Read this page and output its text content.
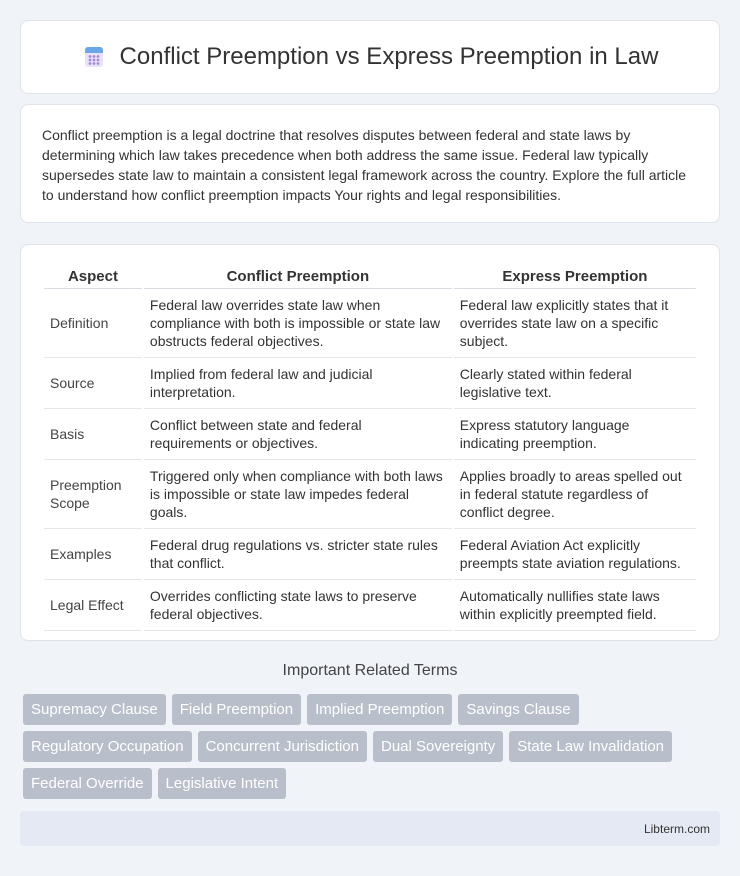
Conflict Preemption vs Express Preemption in Law

Conflict preemption is a legal doctrine that resolves disputes between federal and state laws by determining which law takes precedence when both address the same issue. Federal law typically supersedes state law to maintain a consistent legal framework across the country. Explore the full article to understand how conflict preemption impacts Your rights and legal responsibilities.

Aspect	Conflict Preemption	Express Preemption
Definition	Federal law overrides state law when compliance with both is impossible or state law obstructs federal objectives.	Federal law explicitly states that it overrides state law on a specific subject.
Source	Implied from federal law and judicial interpretation.	Clearly stated within federal legislative text.
Basis	Conflict between state and federal requirements or objectives.	Express statutory language indicating preemption.
Preemption Scope	Triggered only when compliance with both laws is impossible or state law impedes federal goals.	Applies broadly to areas spelled out in federal statute regardless of conflict degree.
Examples	Federal drug regulations vs. stricter state rules that conflict.	Federal Aviation Act explicitly preempts state aviation regulations.
Legal Effect	Overrides conflicting state laws to preserve federal objectives.	Automatically nullifies state laws within explicitly preempted field.
Important Related Terms
Supremacy Clause	Field Preemption	Implied Preemption	Savings Clause
Regulatory Occupation	Concurrent Jurisdiction	Dual Sovereignty	State Law Invalidation
Federal Override	Legislative Intent
Libterm.com
